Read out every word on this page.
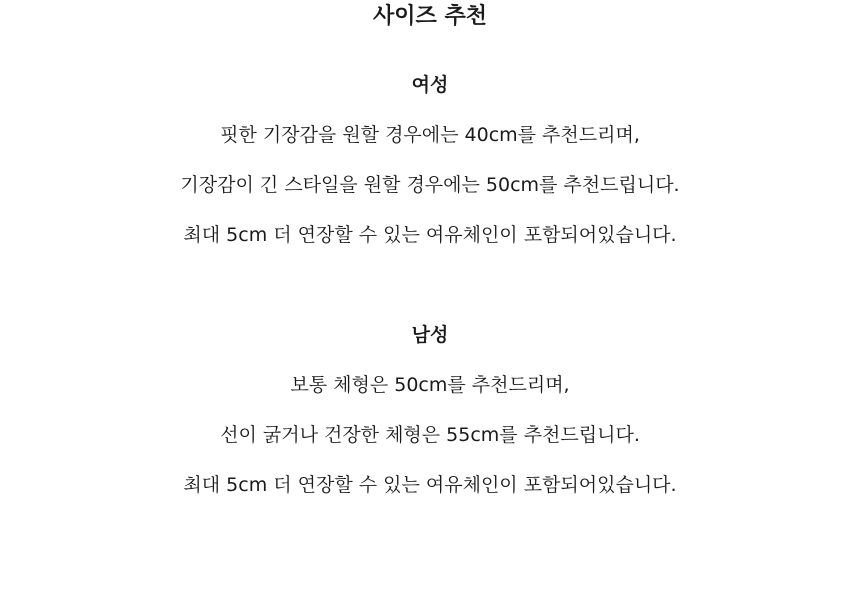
사이즈 추천
여성
핏한 기장감을 원할 경우에는 40cm를 추천드리며,
기장감이 긴 스타일을 원할 경우에는 50cm를 추천드립니다.
최대 5cm 더 연장할 수 있는 여유체인이 포함되어있습니다.
남성
보통 체형은 50cm를 추천드리며,
선이 굵거나 건장한 체형은 55cm를 추천드립니다.
최대 5cm 더 연장할 수 있는 여유체인이 포함되어있습니다.
